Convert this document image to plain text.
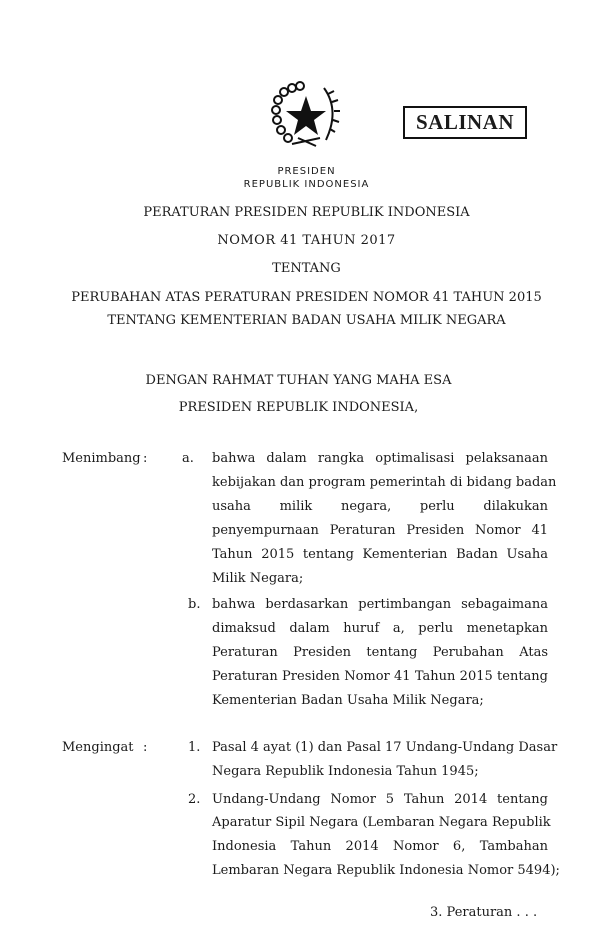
SALINAN
PRESIDEN
REPUBLIK INDONESIA
PERATURAN PRESIDEN REPUBLIK INDONESIA
NOMOR 41 TAHUN 2017
TENTANG
PERUBAHAN ATAS PERATURAN PRESIDEN NOMOR 41 TAHUN 2015
TENTANG KEMENTERIAN BADAN USAHA MILIK NEGARA
DENGAN RAHMAT TUHAN YANG MAHA ESA
PRESIDEN REPUBLIK INDONESIA,
Menimbang :	a. bahwa dalam rangka optimalisasi pelaksanaan
kebijakan dan program pemerintah di bidang badan
usaha milik negara, perlu dilakukan
penyempurnaan Peraturan Presiden Nomor 41
Tahun 2015 tentang Kementerian Badan Usaha
Milik Negara;
b. bahwa berdasarkan pertimbangan sebagaimana
dimaksud dalam huruf a, perlu menetapkan
Peraturan Presiden tentang Perubahan Atas
Peraturan Presiden Nomor 41 Tahun 2015 tentang
Kementerian Badan Usaha Milik Negara;
Mengingat :	1. Pasal 4 ayat (1) dan Pasal 17 Undang-Undang Dasar
Negara Republik Indonesia Tahun 1945;
2. Undang-Undang Nomor 5 Tahun 2014 tentang
Aparatur Sipil Negara (Lembaran Negara Republik
Indonesia Tahun 2014 Nomor 6, Tambahan
Lembaran Negara Republik Indonesia Nomor 5494);
3. Peraturan . . .
